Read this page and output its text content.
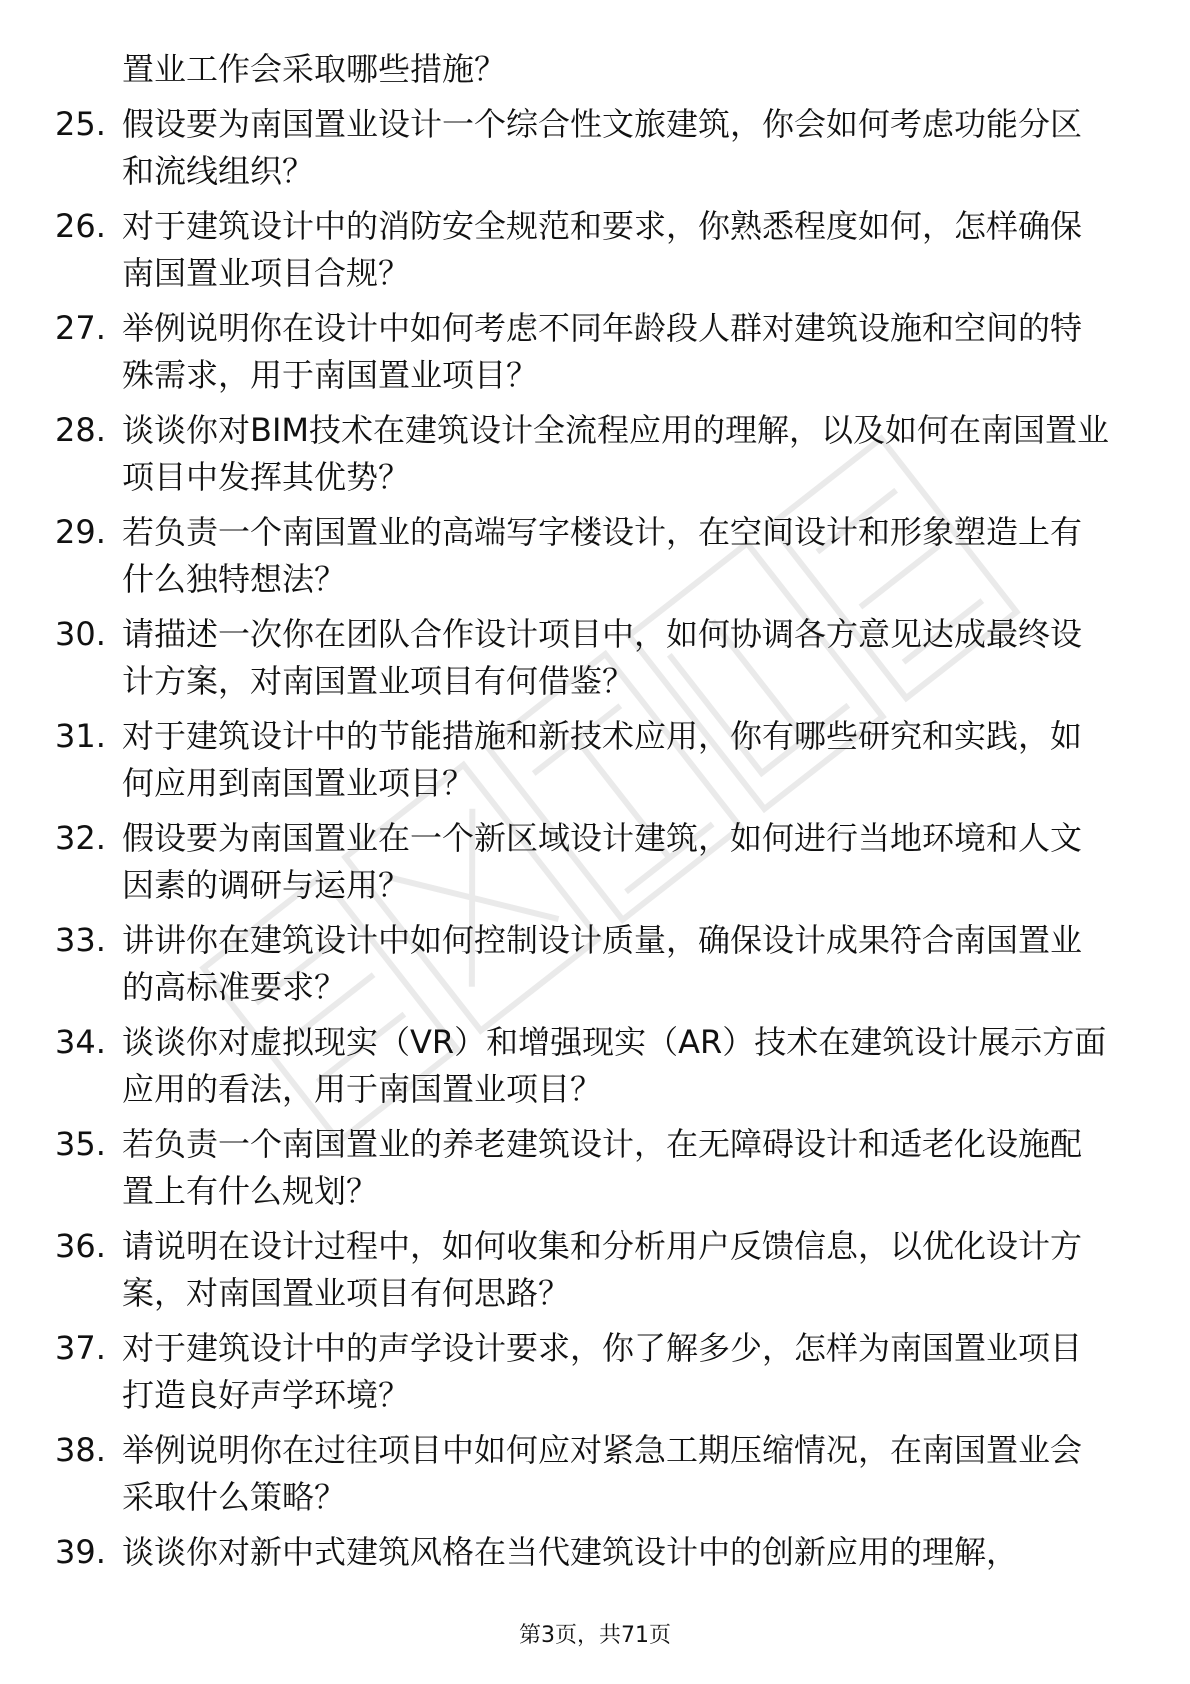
置业工作会采取哪些措施？
25. 假设要为南国置业设计一个综合性文旅建筑，你会如何考虑功能分区和流线组织？
26. 对于建筑设计中的消防安全规范和要求，你熟悉程度如何，怎样确保南国置业项目合规？
27. 举例说明你在设计中如何考虑不同年龄段人群对建筑设施和空间的特殊需求，用于南国置业项目？
28. 谈谈你对BIM技术在建筑设计全流程应用的理解，以及如何在南国置业项目中发挥其优势？
29. 若负责一个南国置业的高端写字楼设计，在空间设计和形象塑造上有什么独特想法？
30. 请描述一次你在团队合作设计项目中，如何协调各方意见达成最终设计方案，对南国置业项目有何借鉴？
31. 对于建筑设计中的节能措施和新技术应用，你有哪些研究和实践，如何应用到南国置业项目？
32. 假设要为南国置业在一个新区域设计建筑，如何进行当地环境和人文因素的调研与运用？
33. 讲讲你在建筑设计中如何控制设计质量，确保设计成果符合南国置业的高标准要求？
34. 谈谈你对虚拟现实（VR）和增强现实（AR）技术在建筑设计展示方面应用的看法，用于南国置业项目？
35. 若负责一个南国置业的养老建筑设计，在无障碍设计和适老化设施配置上有什么规划？
36. 请说明在设计过程中，如何收集和分析用户反馈信息，以优化设计方案，对南国置业项目有何思路？
37. 对于建筑设计中的声学设计要求，你了解多少，怎样为南国置业项目打造良好声学环境？
38. 举例说明你在过往项目中如何应对紧急工期压缩情况，在南国置业会采取什么策略？
39. 谈谈你对新中式建筑风格在当代建筑设计中的创新应用的理解，
第3页，共71页
